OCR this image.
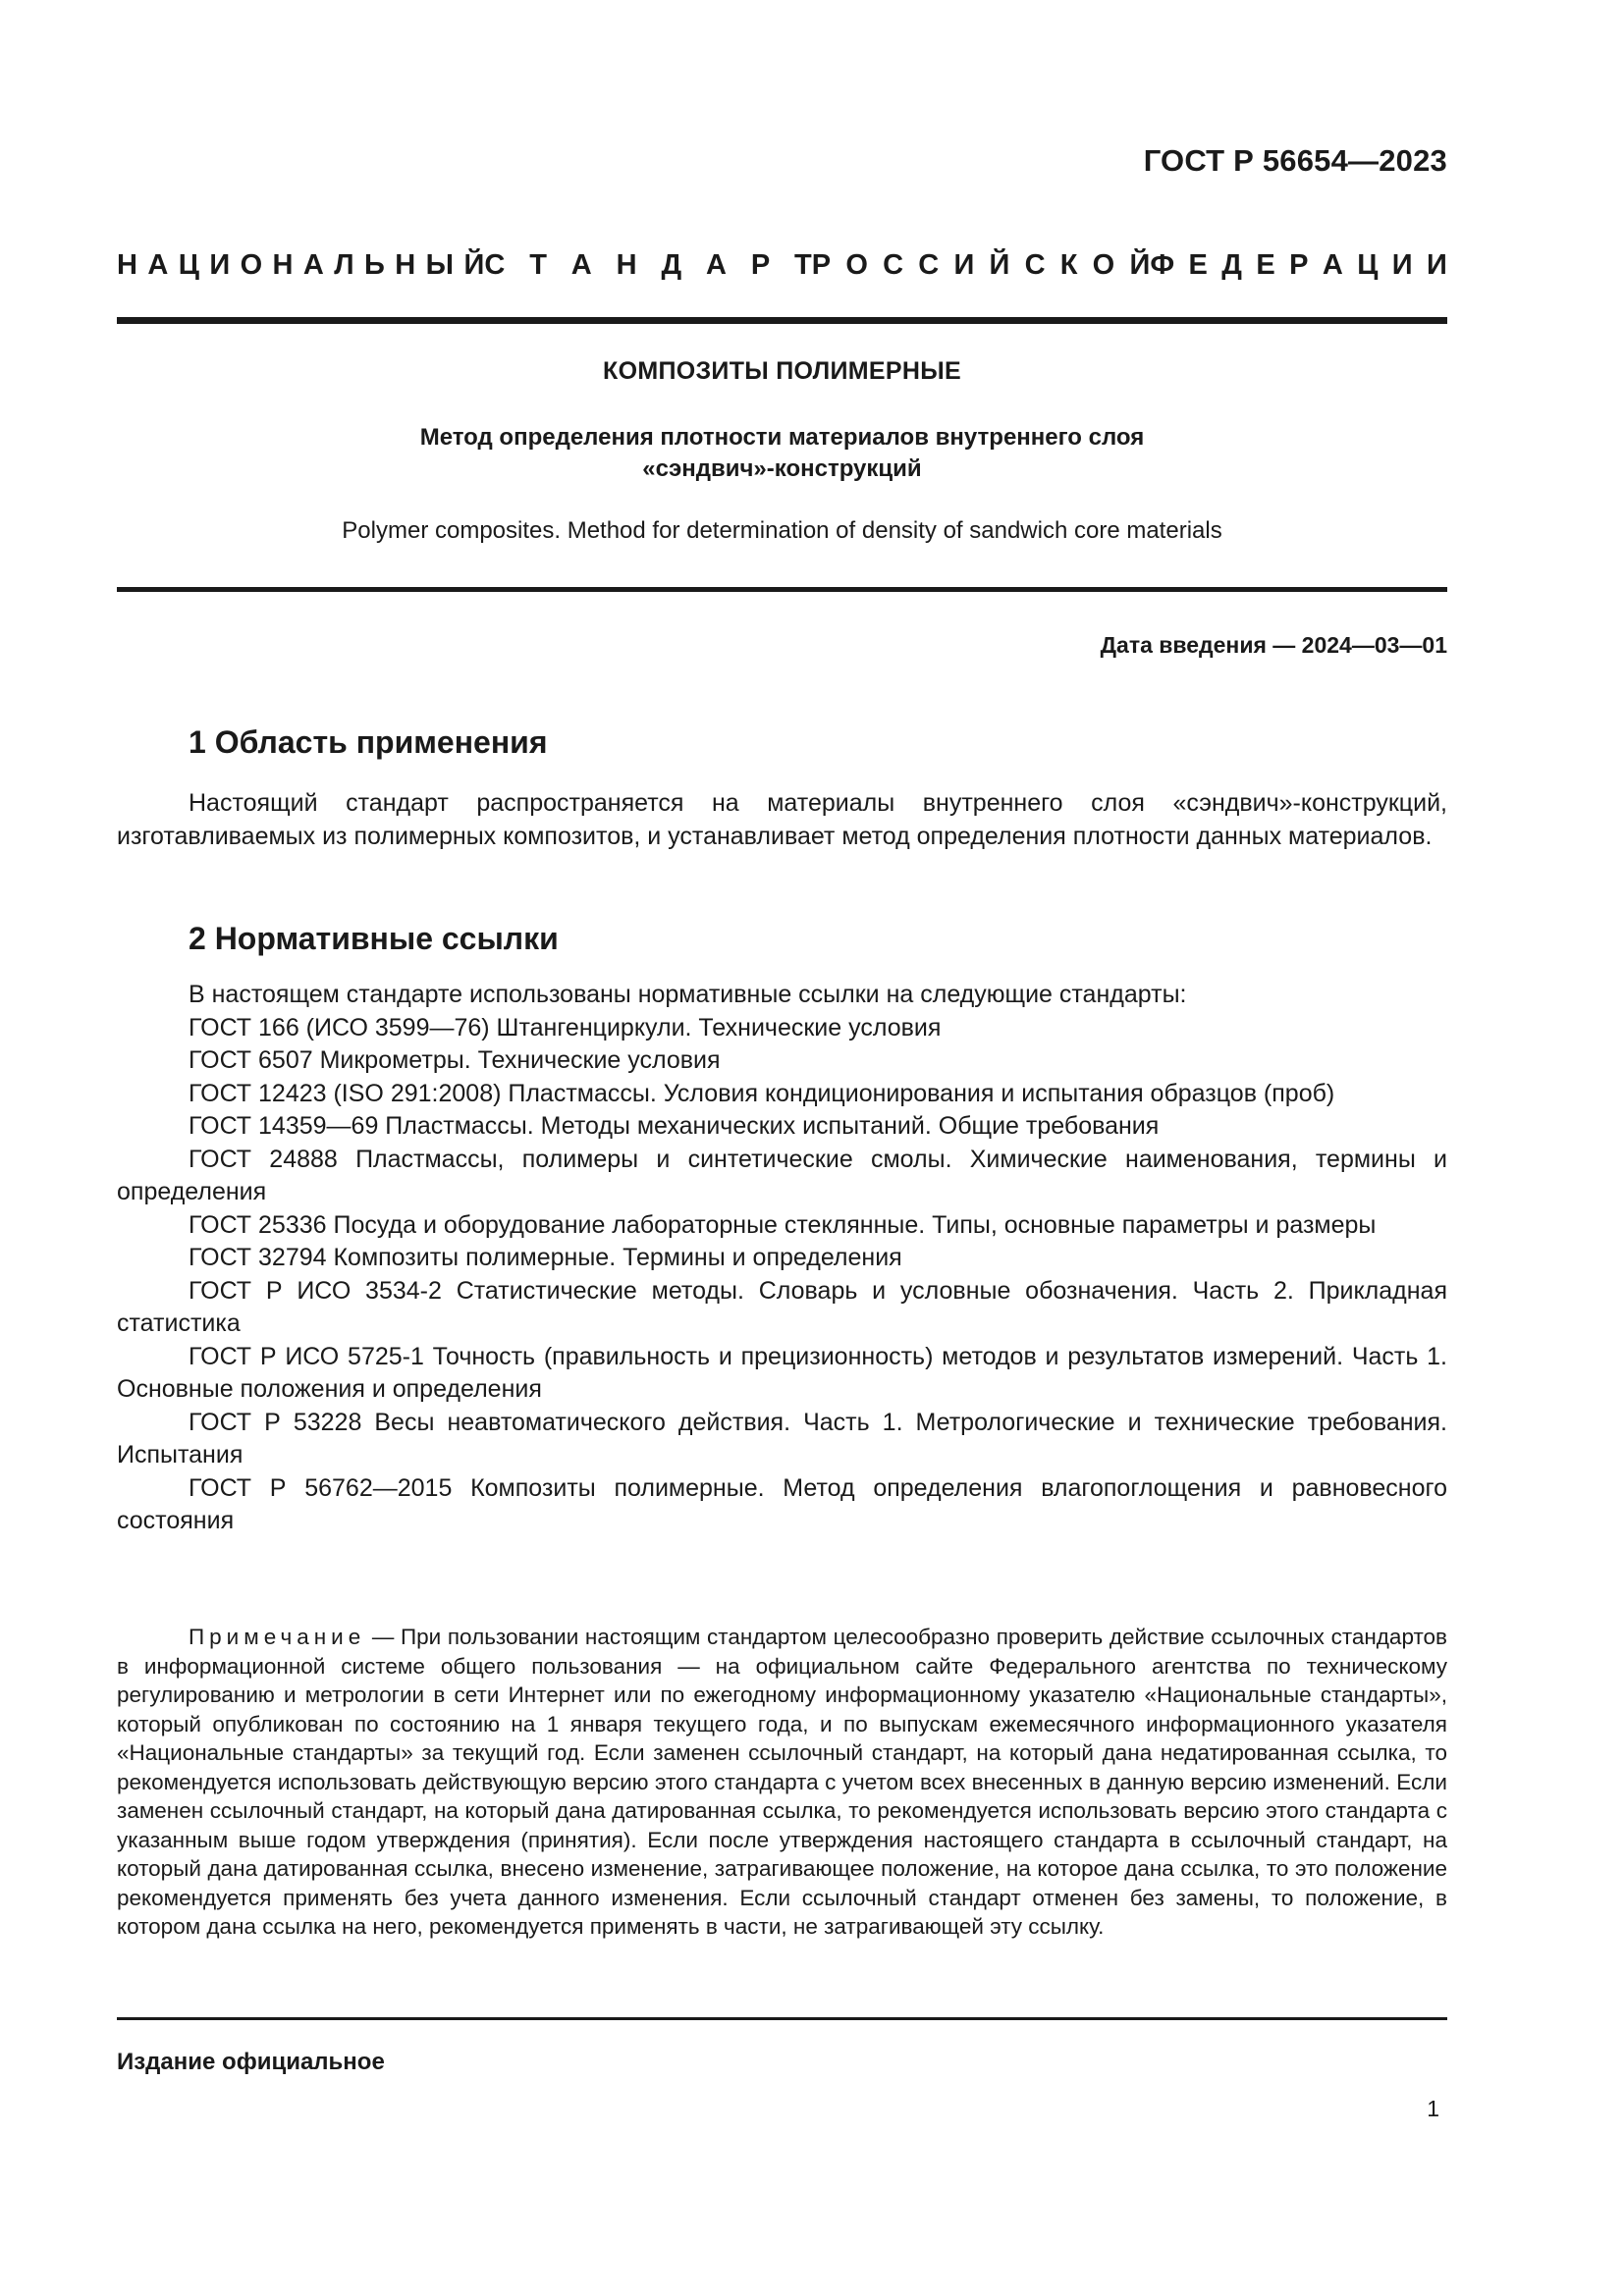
ГОСТ Р 56654—2023
Н А Ц И О Н А Л Ь Н Ы Й С Т А Н Д А Р Т Р О С С И Й С К О Й Ф Е Д Е Р А Ц И И
КОМПОЗИТЫ ПОЛИМЕРНЫЕ
Метод определения плотности материалов внутреннего слоя
«сэндвич»-конструкций
Polymer composites. Method for determination of density of sandwich core materials
Дата введения — 2024—03—01
1 Область применения
Настоящий стандарт распространяется на материалы внутреннего слоя «сэндвич»-конструкций, изготавливаемых из полимерных композитов, и устанавливает метод определения плотности данных материалов.
2 Нормативные ссылки

В настоящем стандарте использованы нормативные ссылки на следующие стандарты:

ГОСТ 166 (ИСО 3599—76) Штангенциркули. Технические условия

ГОСТ 6507 Микрометры. Технические условия

ГОСТ 12423 (ISO 291:2008) Пластмассы. Условия кондиционирования и испытания образцов (проб)

ГОСТ 14359—69 Пластмассы. Методы механических испытаний. Общие требования

ГОСТ 24888 Пластмассы, полимеры и синтетические смолы. Химические наименования, термины и определения

ГОСТ 25336 Посуда и оборудование лабораторные стеклянные. Типы, основные параметры и размеры

ГОСТ 32794 Композиты полимерные. Термины и определения

ГОСТ Р ИСО 3534-2 Статистические методы. Словарь и условные обозначения. Часть 2. Прикладная статистика

ГОСТ Р ИСО 5725-1 Точность (правильность и прецизионность) методов и результатов измерений. Часть 1. Основные положения и определения

ГОСТ Р 53228 Весы неавтоматического действия. Часть 1. Метрологические и технические требования. Испытания

ГОСТ Р 56762—2015 Композиты полимерные. Метод определения влагопоглощения и равновесного состояния

Примечание — При пользовании настоящим стандартом целесообразно проверить действие ссылочных стандартов в информационной системе общего пользования — на официальном сайте Федерального агентства по техническому регулированию и метрологии в сети Интернет или по ежегодному информационному указателю «Национальные стандарты», который опубликован по состоянию на 1 января текущего года, и по выпускам ежемесячного информационного указателя «Национальные стандарты» за текущий год. Если заменен ссылочный стандарт, на который дана недатированная ссылка, то рекомендуется использовать действующую версию этого стандарта с учетом всех внесенных в данную версию изменений. Если заменен ссылочный стандарт, на который дана датированная ссылка, то рекомендуется использовать версию этого стандарта с указанным выше годом утверждения (принятия). Если после утверждения настоящего стандарта в ссылочный стандарт, на который дана датированная ссылка, внесено изменение, затрагивающее положение, на которое дана ссылка, то это положение рекомендуется применять без учета данного изменения. Если ссылочный стандарт отменен без замены, то положение, в котором дана ссылка на него, рекомендуется применять в части, не затрагивающей эту ссылку.
Издание официальное
1
